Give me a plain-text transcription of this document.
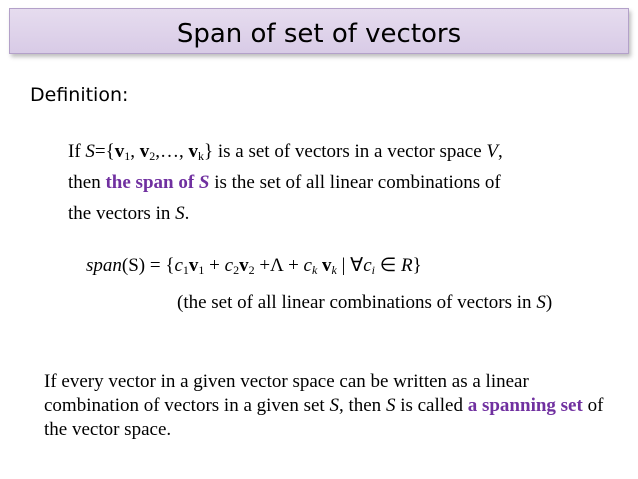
Span of set of vectors
Definition:
If $S=\{v_1$, $v_2,\dots$, $v_k$} is a set of vectors in a vector space V,
then the span of S is the set of all linear combinations of
the vectors in S.
span(S) = {$c_1v_1 + c_2v_2 +\Lambda + c_k$ $v_k$ | $\forall c_i$ ∈ R}
(the set of all linear combinations of vectors in S)
If every vector in a given vector space can be written as a linear combination of vectors in a given set S, then S is called a spanning set of the vector space.
